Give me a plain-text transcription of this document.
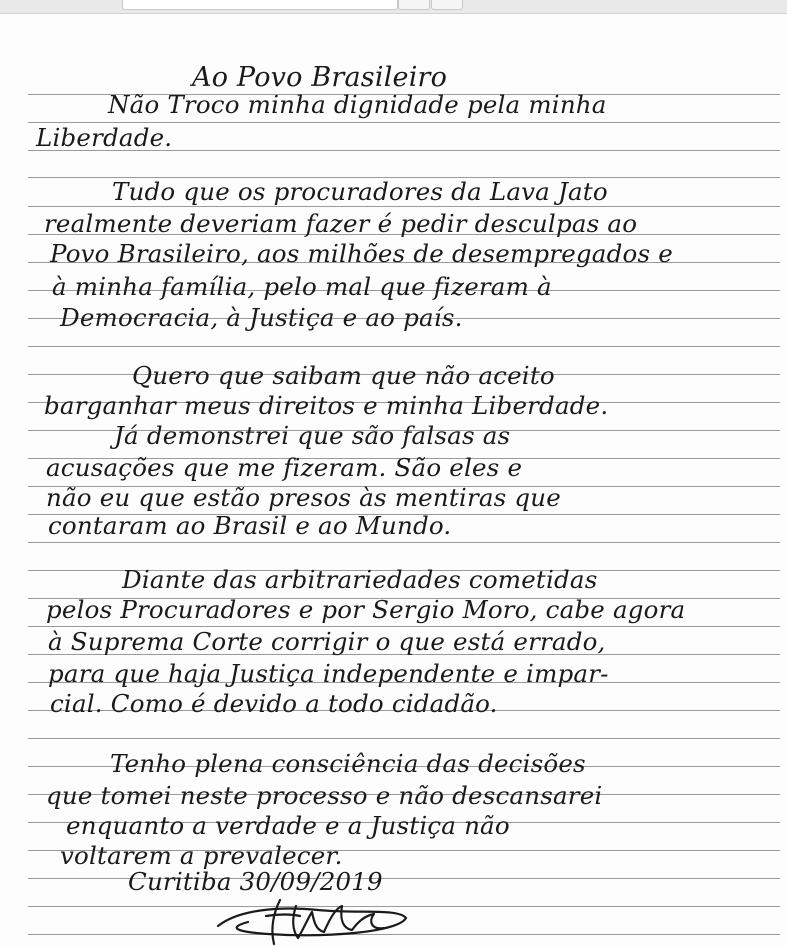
Ao Povo Brasileiro
Não Troco minha dignidade pela minha
Liberdade.
Tudo que os procuradores da Lava Jato
realmente deveriam fazer é pedir desculpas ao
Povo Brasileiro, aos milhões de desempregados e
à minha família, pelo mal que fizeram à
Democracia, à Justiça e ao país.
Quero que saibam que não aceito
barganhar meus direitos e minha Liberdade.
Já demonstrei que são falsas as
acusações que me fizeram. São eles e
não eu que estão presos às mentiras que
contaram ao Brasil e ao Mundo.
Diante das arbitrariedades cometidas
pelos Procuradores e por Sergio Moro, cabe agora
à Suprema Corte corrigir o que está errado,
para que haja Justiça independente e impar-
cial. Como é devido a todo cidadão.
Tenho plena consciência das decisões
que tomei neste processo e não descansarei
enquanto a verdade e a Justiça não
voltarem a prevalecer.
Curitiba 30/09/2019
